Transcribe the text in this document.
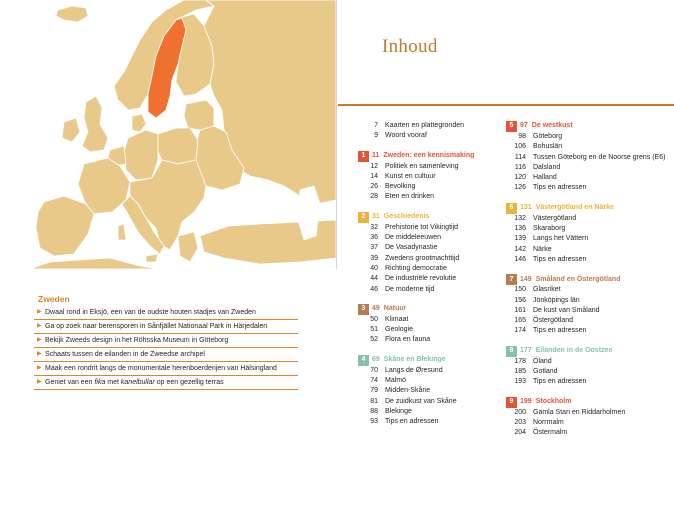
Inhoud
Zweden
▶ Dwaal rond in Eksjö, een van de oudste houten stadjes van Zweden
▶ Ga op zoek naar berensporen in Sånfjället Nationaal Park in Härjedalen
▶ Bekijk Zweeds design in het Röhsska Museum in Göteborg
▶ Schaats tussen de eilanden in de Zweedse archipel
▶ Maak een rondrit langs de monumentale herenboerderijen van Hälsingland
▶ Geniet van een fika met kanelbullar op een gezellig terras
7	Kaarten en plattegronden
9	Woord vooraf
1 11 Zweden: een kennismaking
12	Politiek en samenleving
14	Kunst en cultuur
26	Bevolking
28	Eten en drinken
2 31 Geschiedenis
32	Prehistorie tot Vikingtijd
36	De middeleeuwen
37	De Vasadynastie
39	Zwedens grootmachttijd
40	Richting democratie
44	De industriële revolutie
46	De moderne tijd
3 49 Natuur
50	Klimaat
51	Geologie
52	Flora en fauna
4 69 Skåne en Blekinge
70	Langs de Øresund
74	Malmö
79	Midden-Skåne
81	De zuidkust van Skåne
88	Blekinge
93	Tips en adressen
5 97 De westkust
98	Göteborg
106	Bohuslän
114	Tussen Göteborg en de Noorse grens (E6)
116	Dalsland
120	Halland
126	Tips en adressen
6 131 Västergötland en Närke
132	Västergötland
136	Skaraborg
139	Langs het Vättern
142	Närke
146	Tips en adressen
7 149 Småland en Östergötland
150	Glasriket
156	Jönköpings län
161	De kust van Småland
165	Östergötland
174	Tips en adressen
8 177 Eilanden in de Oostzee
178	Öland
185	Gotland
193	Tips en adressen
9 199 Stockholm
200	Gamla Stan en Riddarholmen
203	Norrmalm
204	Östermalm
